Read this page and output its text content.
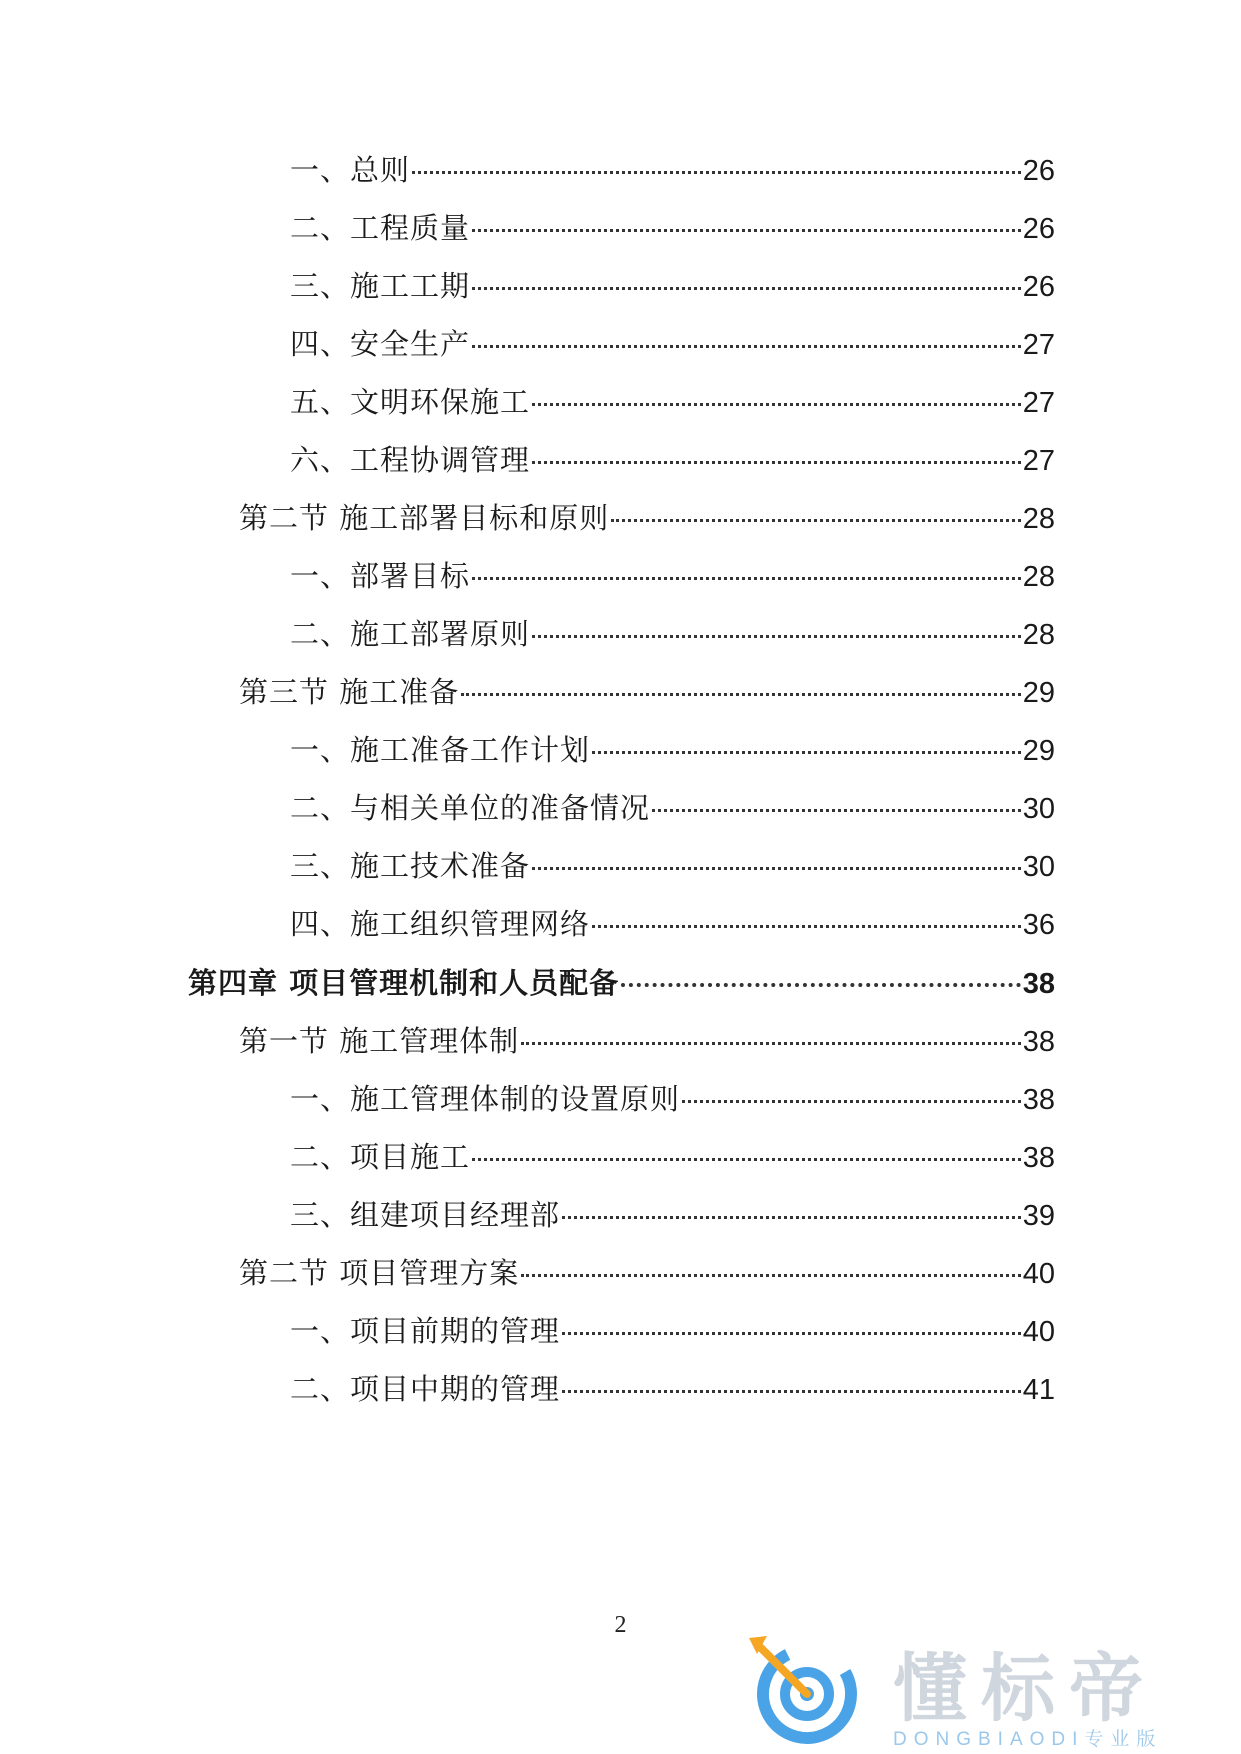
一、总则	26
二、工程质量	26
三、施工工期	26
四、安全生产	27
五、文明环保施工	27
六、工程协调管理	27
第二节 施工部署目标和原则	28
一、部署目标	28
二、施工部署原则	28
第三节 施工准备	29
一、施工准备工作计划	29
二、与相关单位的准备情况	30
三、施工技术准备	30
四、施工组织管理网络	36
第四章 项目管理机制和人员配备	38
第一节 施工管理体制	38
一、施工管理体制的设置原则	38
二、项目施工	38
三、组建项目经理部	39
第二节 项目管理方案	40
一、项目前期的管理	40
二、项目中期的管理	41
2
懂标帝
DONGBIAODI专业版
